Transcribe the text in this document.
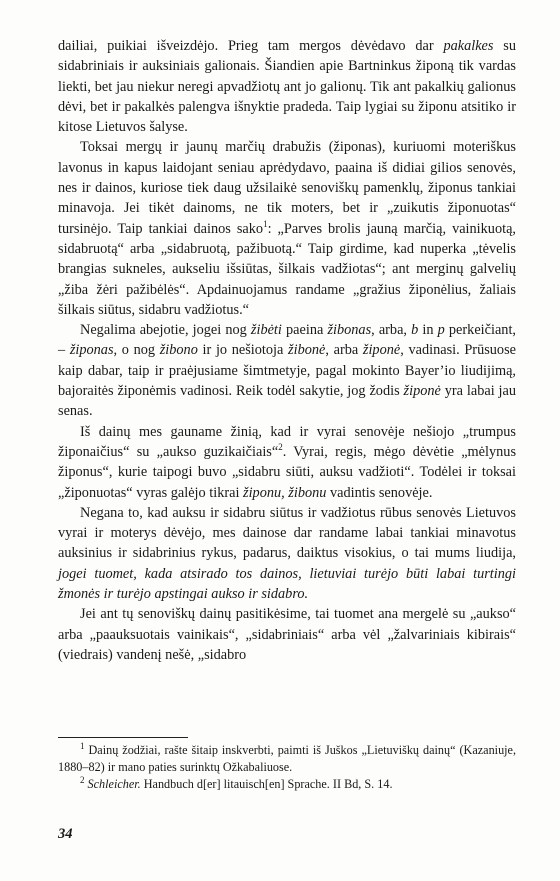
dailiai, puikiai išveizdėjo. Prieg tam mergos dėvėdavo dar pakalkes su sidabriniais ir auksiniais galionais. Šiandien apie Bartninkus žiponą tik vardas liekti, bet jau niekur neregi apvadžiotų ant jo galionų. Tik ant pakalkių galionus dėvi, bet ir pakalkės palengva išnyktie pradeda. Taip lygiai su žiponu atsitiko ir kitose Lietuvos šalyse.

Toksai mergų ir jaunų marčių drabužis (žiponas), kuriuomi moteriškus lavonus in kapus laidojant seniau aprėdydavo, paaina iš didiai gilios senovės, nes ir dainos, kuriose tiek daug užsilaikė senoviškų pamenklų, žiponus tankiai minavoja. Jei tikėt dainoms, ne tik moters, bet ir „zuikutis žiponuotas“ tursinėjo. Taip tankiai dainos sako$^1$: „Parves brolis jauną marčią, vainikuotą, sidabruotą“ arba „sidabruotą, pažibuotą.“ Taip girdime, kad nuperka „tėvelis brangias sukneles, aukseliu išsiūtas, šilkais vadžiotas“; ant merginų galvelių „žiba žėri pažibėlės“. Apdainuojamus randame „gražius žiponėlius, žaliais šilkais siūtus, sidabru vadžiotus.“

Negalima abejotie, jogei nog žibėti paeina žibonas, arba, b in p perkeičiant, – žiponas, o nog žibono ir jo nešiotoja žibonė, arba žiponė, vadinasi. Prūsuose kaip dabar, taip ir praėjusiame šimtmetyje, pagal mokinto Bayer’io liudijimą, bajoraitės žiponėmis vadinosi. Reik todėl sakytie, jog žodis žiponė yra labai jau senas.

Iš dainų mes gauname žinią, kad ir vyrai senovėje nešiojo „trumpus žiponaičius“ su „aukso guzikaičiais“$^2$. Vyrai, regis, mėgo dėvėtie „mėlynus žiponus“, kurie taipogi buvo „sidabru siūti, auksu vadžioti“. Todėlei ir toksai „žiponuotas“ vyras galėjo tikrai žiponu, žibonu vadintis senovėje.

Negana to, kad auksu ir sidabru siūtus ir vadžiotus rūbus senovės Lietuvos vyrai ir moterys dėvėjo, mes dainose dar randame labai tankiai minavotus auksinius ir sidabrinius rykus, padarus, daiktus visokius, o tai mums liudija, jogei tuomet, kada atsirado tos dainos, lietuviai turėjo būti labai turtingi žmonės ir turėjo apstingai aukso ir sidabro.

Jei ant tų senoviškų dainų pasitikėsime, tai tuomet ana mergelė su „aukso“ arba „paauksuotais vainikais“, „sidabriniais“ arba vėl „žalvariniais kibirais“ (viedrais) vandenį nešė, „sidabro

$^1$ Dainų žodžiai, rašte šitaip inskverbti, paimti iš Juškos „Lietuviškų dainų“ (Kazaniuje, 1880–82) ir mano paties surinktų Ožkabaliuose.

$^2$ Schleicher. Handbuch d[er] litauisch[en] Sprache. II Bd, S. 14.

34
